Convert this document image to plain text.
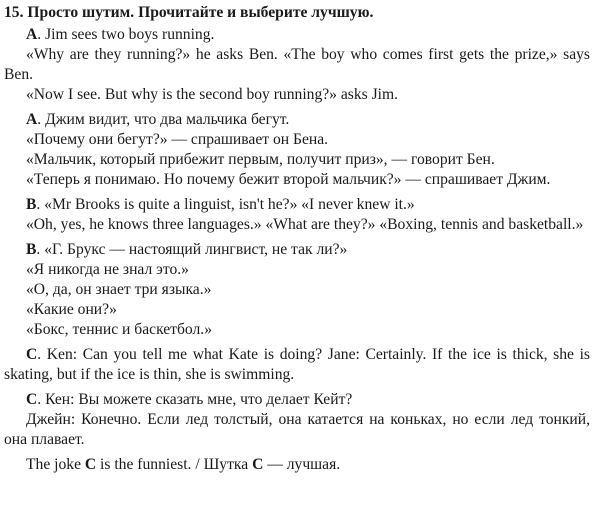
15. Просто шутим. Прочитайте и выберите лучшую.

A. Jim sees two boys running.

«Why are they running?» he asks Ben. «The boy who comes first gets the prize,» says Ben.

«Now I see. But why is the second boy running?» asks Jim.

А. Джим видит, что два мальчика бегут.

«Почему они бегут?» — спрашивает он Бена.

«Мальчик, который прибежит первым, получит приз», — говорит Бен.

«Теперь я понимаю. Но почему бежит второй мальчик?» — спрашивает Джим.

B. «Mr Brooks is quite a linguist, isn't he?» «I never knew it.»

«Oh, yes, he knows three languages.» «What are they?» «Boxing, tennis and basketball.»

В. «Г. Брукс — настоящий лингвист, не так ли?»

«Я никогда не знал это.»

«О, да, он знает три языка.»

«Какие они?»

«Бокс, теннис и баскетбол.»

C. Ken: Can you tell me what Kate is doing? Jane: Certainly. If the ice is thick, she is skating, but if the ice is thin, she is swimming.

С. Кен: Вы можете сказать мне, что делает Кейт?

Джейн: Конечно. Если лед толстый, она катается на коньках, но если лед тонкий, она плавает.

The joke C is the funniest. / Шутка С — лучшая.
